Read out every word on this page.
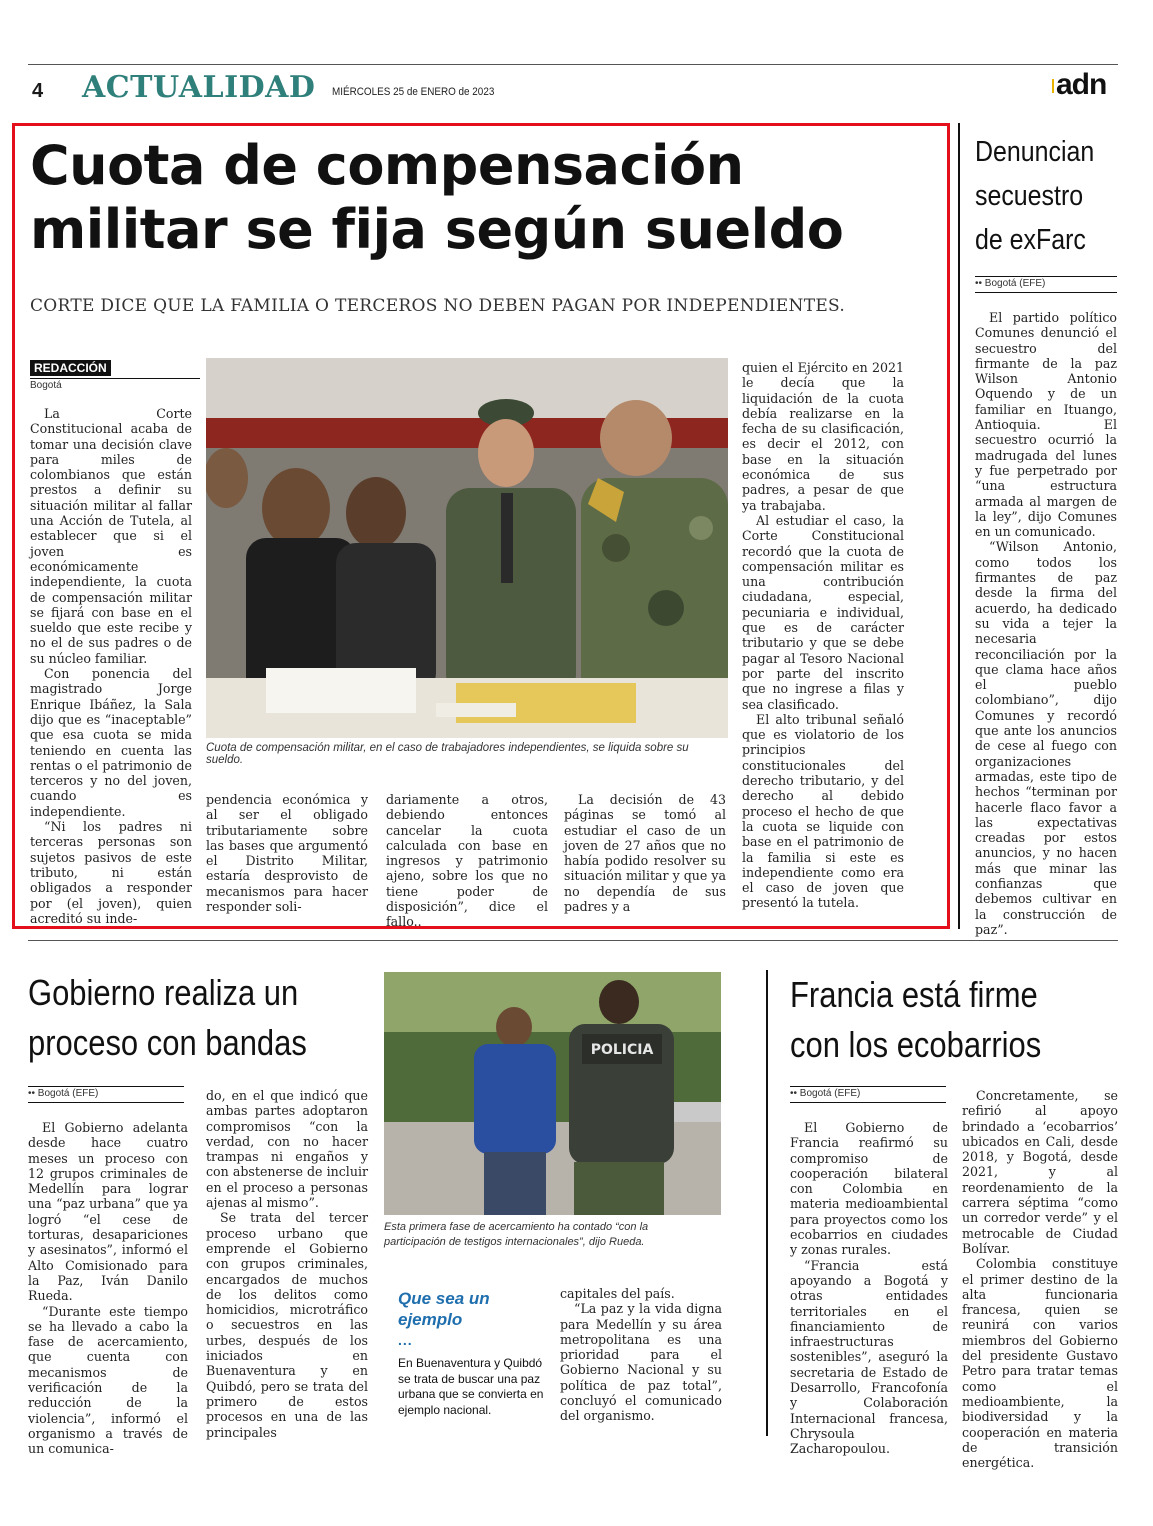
4 ACTUALIDAD MIÉRCOLES 25 de ENERO de 2023	adn
Cuota de compensación
militar se fija según sueldo
CORTE DICE QUE LA FAMILIA O TERCEROS NO DEBEN PAGAN POR INDEPENDIENTES.
REDACCIÓN
Bogotá

La Corte Constitucional acaba de tomar una decisión clave para miles de colombianos que están prestos a definir su situación militar al fallar una Acción de Tutela, al establecer que si el joven es económicamente independiente, la cuota de compensación militar se fijará con base en el sueldo que este recibe y no el de sus padres o de su núcleo familiar.

Con ponencia del magistrado Jorge Enrique Ibáñez, la Sala dijo que es “inaceptable” que esa cuota se mida teniendo en cuenta las rentas o el patrimonio de terceros y no del joven, cuando es independiente.

“Ni los padres ni terceras personas son sujetos pasivos de este tributo, ni están obligados a responder por (el joven), quien acreditó su inde-

Cuota de compensación militar, en el caso de trabajadores independientes, se liquida sobre su sueldo.

pendencia económica y al ser el obligado tributariamente sobre las bases que argumentó el Distrito Militar, estaría desprovisto de mecanismos para hacer responder soli-

dariamente a otros, debiendo entonces cancelar la cuota calculada con base en ingresos y patrimonio ajeno, sobre los que no tiene poder de disposición”, dice el fallo..

La decisión de 43 páginas se tomó al estudiar el caso de un joven de 27 años que no había podido resolver su situación militar y que ya no dependía de sus padres y a

quien el Ejército en 2021 le decía que la liquidación de la cuota debía realizarse en la fecha de su clasificación, es decir el 2012, con base en la situación económica de sus padres, a pesar de que ya trabajaba.

Al estudiar el caso, la Corte Constitucional recordó que la cuota de compensación militar es una contribución ciudadana, especial, pecuniaria e individual, que es de carácter tributario y que se debe pagar al Tesoro Nacional por parte del inscrito que no ingrese a filas y sea clasificado.

El alto tribunal señaló que es violatorio de los principios constitucionales del derecho tributario, y del derecho al debido proceso el hecho de que la cuota se liquide con base en el patrimonio de la familia si este es independiente como era el caso de joven que presentó la tutela.

Denuncian
secuestro
de exFarc
•• Bogotá (EFE)

El partido político Comunes denunció el secuestro del firmante de la paz Wilson Antonio Oquendo y de un familiar en Ituango, Antioquia. El secuestro ocurrió la madrugada del lunes y fue perpetrado por “una estructura armada al margen de la ley”, dijo Comunes en un comunicado.

“Wilson Antonio, como todos los firmantes de paz desde la firma del acuerdo, ha dedicado su vida a tejer la necesaria reconciliación por la que clama hace años el pueblo colombiano”, dijo Comunes y recordó que ante los anuncios de cese al fuego con organizaciones armadas, este tipo de hechos “terminan por hacerle flaco favor a las expectativas creadas por estos anuncios, y no hacen más que minar las confianzas que debemos cultivar en la construcción de paz”.

Gobierno realiza un
proceso con bandas
•• Bogotá (EFE)

El Gobierno adelanta desde hace cuatro meses un proceso con 12 grupos criminales de Medellín para lograr una “paz urbana” que ya logró “el cese de torturas, desapariciones y asesinatos”, informó el Alto Comisionado para la Paz, Iván Danilo Rueda.

“Durante este tiempo se ha llevado a cabo la fase de acercamiento, que cuenta con mecanismos de verificación de la reducción de la violencia”, informó el organismo a través de un comunica-

do, en el que indicó que ambas partes adoptaron compromisos “con la verdad, con no hacer trampas ni engaños y con abstenerse de incluir en el proceso a personas ajenas al mismo”.

Se trata del tercer proceso urbano que emprende el Gobierno con grupos criminales, encargados de muchos de los delitos como homicidios, microtráfico o secuestros en las urbes, después de los iniciados en Buenaventura y en Quibdó, pero se trata del primero de estos procesos en una de las principales

POLICIA
Esta primera fase de acercamiento ha contado “con la participación de testigos internacionales”, dijo Rueda.
Que sea un ejemplo
...
En Buenaventura y Quibdó se trata de buscar una paz urbana que se convierta en ejemplo nacional.

capitales del país.

“La paz y la vida digna para Medellín y su área metropolitana es una prioridad para el Gobierno Nacional y su política de paz total”, concluyó el comunicado del organismo.

Francia está firme
con los ecobarrios
•• Bogotá (EFE)

El Gobierno de Francia reafirmó su compromiso de cooperación bilateral con Colombia en materia medioambiental para proyectos como los ecobarrios en ciudades y zonas rurales.

“Francia está apoyando a Bogotá y otras entidades territoriales en el financiamiento de infraestructuras sostenibles”, aseguró la secretaria de Estado de Desarrollo, Francofonía y Colaboración Internacional francesa, Chrysoula Zacharopoulou.

Concretamente, se refirió al apoyo brindado a ‘ecobarrios’ ubicados en Cali, desde 2018, y Bogotá, desde 2021, y al reordenamiento de la carrera séptima “como un corredor verde” y el metrocable de Ciudad Bolívar.

Colombia constituye el primer destino de la alta funcionaria francesa, quien se reunirá con varios miembros del Gobierno del presidente Gustavo Petro para tratar temas como el medioambiente, la biodiversidad y la cooperación en materia de transición energética.
